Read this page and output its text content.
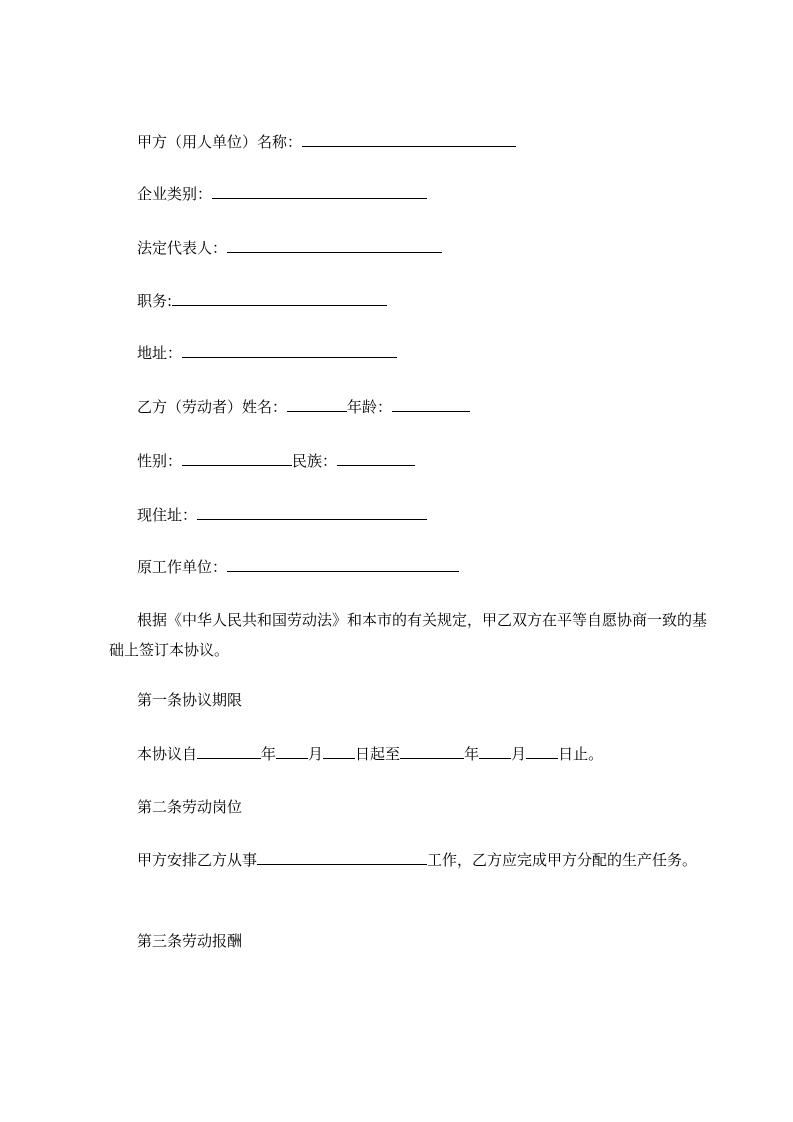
甲方（用人单位）名称：
企业类别：
法定代表人：
职务:
地址：
乙方（劳动者）姓名：	年龄：
性别：	民族：
现住址：
原工作单位：
根据《中华人民共和国劳动法》和本市的有关规定，甲乙双方在平等自愿协商一致的基础上签订本协议。
第一条协议期限
本协议自	年 月 日起至	年 月 日止。
第二条劳动岗位
甲方安排乙方从事	工作，乙方应完成甲方分配的生产任务。
第三条劳动报酬
